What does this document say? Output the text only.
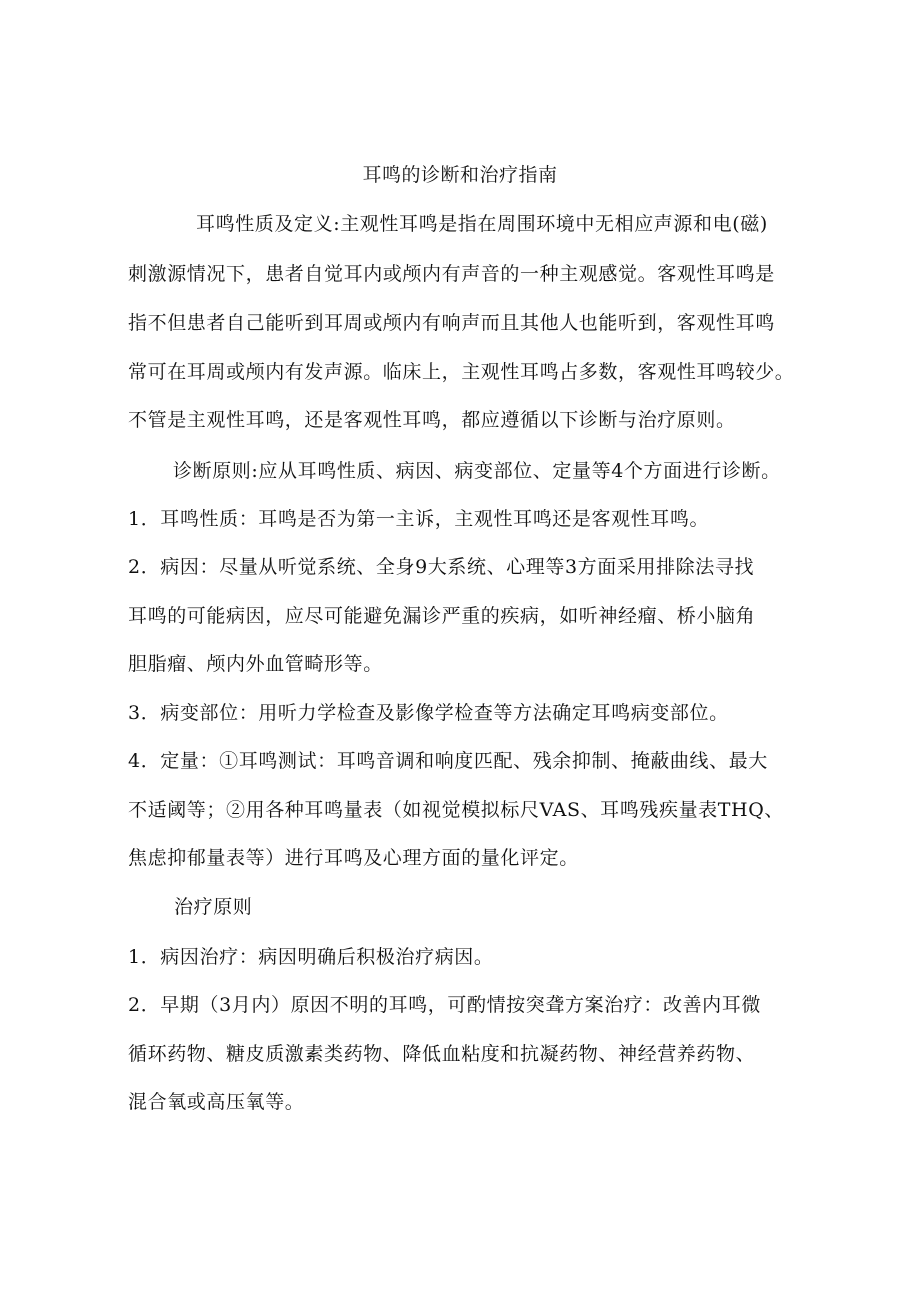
耳鸣的诊断和治疗指南
耳鸣性质及定义:主观性耳鸣是指在周围环境中无相应声源和电(磁)
刺激源情况下，患者自觉耳内或颅内有声音的一种主观感觉。客观性耳鸣是
指不但患者自己能听到耳周或颅内有响声而且其他人也能听到，客观性耳鸣
常可在耳周或颅内有发声源。临床上，主观性耳鸣占多数，客观性耳鸣较少。
不管是主观性耳鸣，还是客观性耳鸣，都应遵循以下诊断与治疗原则。
诊断原则:应从耳鸣性质、病因、病变部位、定量等4个方面进行诊断。
1．耳鸣性质：耳鸣是否为第一主诉，主观性耳鸣还是客观性耳鸣。
2．病因：尽量从听觉系统、全身9大系统、心理等3方面采用排除法寻找
耳鸣的可能病因，应尽可能避免漏诊严重的疾病，如听神经瘤、桥小脑角
胆脂瘤、颅内外血管畸形等。
3．病变部位：用听力学检查及影像学检查等方法确定耳鸣病变部位。
4．定量：①耳鸣测试：耳鸣音调和响度匹配、残余抑制、掩蔽曲线、最大
不适阈等；②用各种耳鸣量表（如视觉模拟标尺VAS、耳鸣残疾量表THQ、
焦虑抑郁量表等）进行耳鸣及心理方面的量化评定。
治疗原则
1．病因治疗：病因明确后积极治疗病因。
2．早期（3月内）原因不明的耳鸣，可酌情按突聋方案治疗：改善内耳微
循环药物、糖皮质激素类药物、降低血粘度和抗凝药物、神经营养药物、
混合氧或高压氧等。
